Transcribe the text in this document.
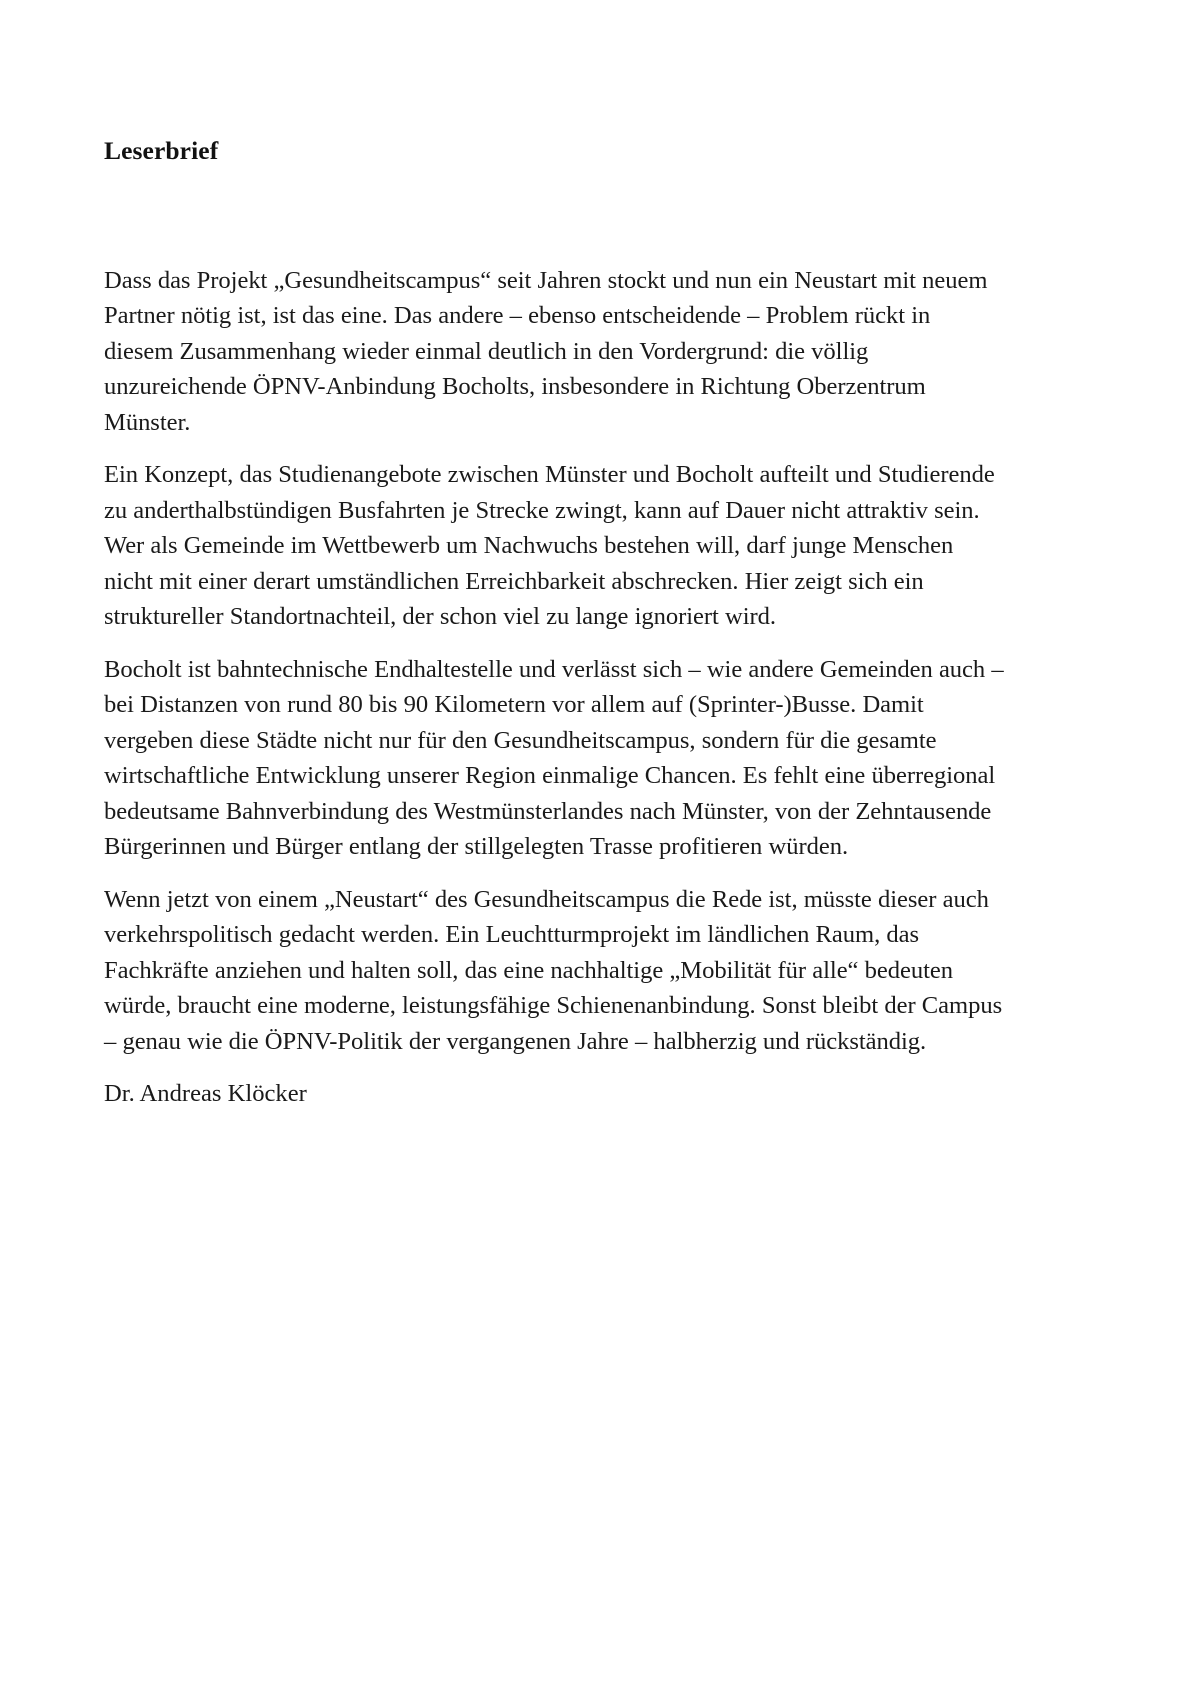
Leserbrief

Dass das Projekt „Gesundheitscampus“ seit Jahren stockt und nun ein Neustart mit neuem Partner nötig ist, ist das eine. Das andere – ebenso entscheidende – Problem rückt in diesem Zusammenhang wieder einmal deutlich in den Vordergrund: die völlig unzureichende ÖPNV-Anbindung Bocholts, insbesondere in Richtung Oberzentrum Münster.

Ein Konzept, das Studienangebote zwischen Münster und Bocholt aufteilt und Studierende zu anderthalbstündigen Busfahrten je Strecke zwingt, kann auf Dauer nicht attraktiv sein. Wer als Gemeinde im Wettbewerb um Nachwuchs bestehen will, darf junge Menschen nicht mit einer derart umständlichen Erreichbarkeit abschrecken. Hier zeigt sich ein struktureller Standortnachteil, der schon viel zu lange ignoriert wird.

Bocholt ist bahntechnische Endhaltestelle und verlässt sich – wie andere Gemeinden auch – bei Distanzen von rund 80 bis 90 Kilometern vor allem auf (Sprinter-)Busse. Damit vergeben diese Städte nicht nur für den Gesundheitscampus, sondern für die gesamte wirtschaftliche Entwicklung unserer Region einmalige Chancen. Es fehlt eine überregional bedeutsame Bahnverbindung des Westmünsterlandes nach Münster, von der Zehntausende Bürgerinnen und Bürger entlang der stillgelegten Trasse profitieren würden.

Wenn jetzt von einem „Neustart“ des Gesundheitscampus die Rede ist, müsste dieser auch verkehrspolitisch gedacht werden. Ein Leuchtturmprojekt im ländlichen Raum, das Fachkräfte anziehen und halten soll, das eine nachhaltige „Mobilität für alle“ bedeuten würde, braucht eine moderne, leistungsfähige Schienenanbindung. Sonst bleibt der Campus – genau wie die ÖPNV-Politik der vergangenen Jahre – halbherzig und rückständig.

Dr. Andreas Klöcker
